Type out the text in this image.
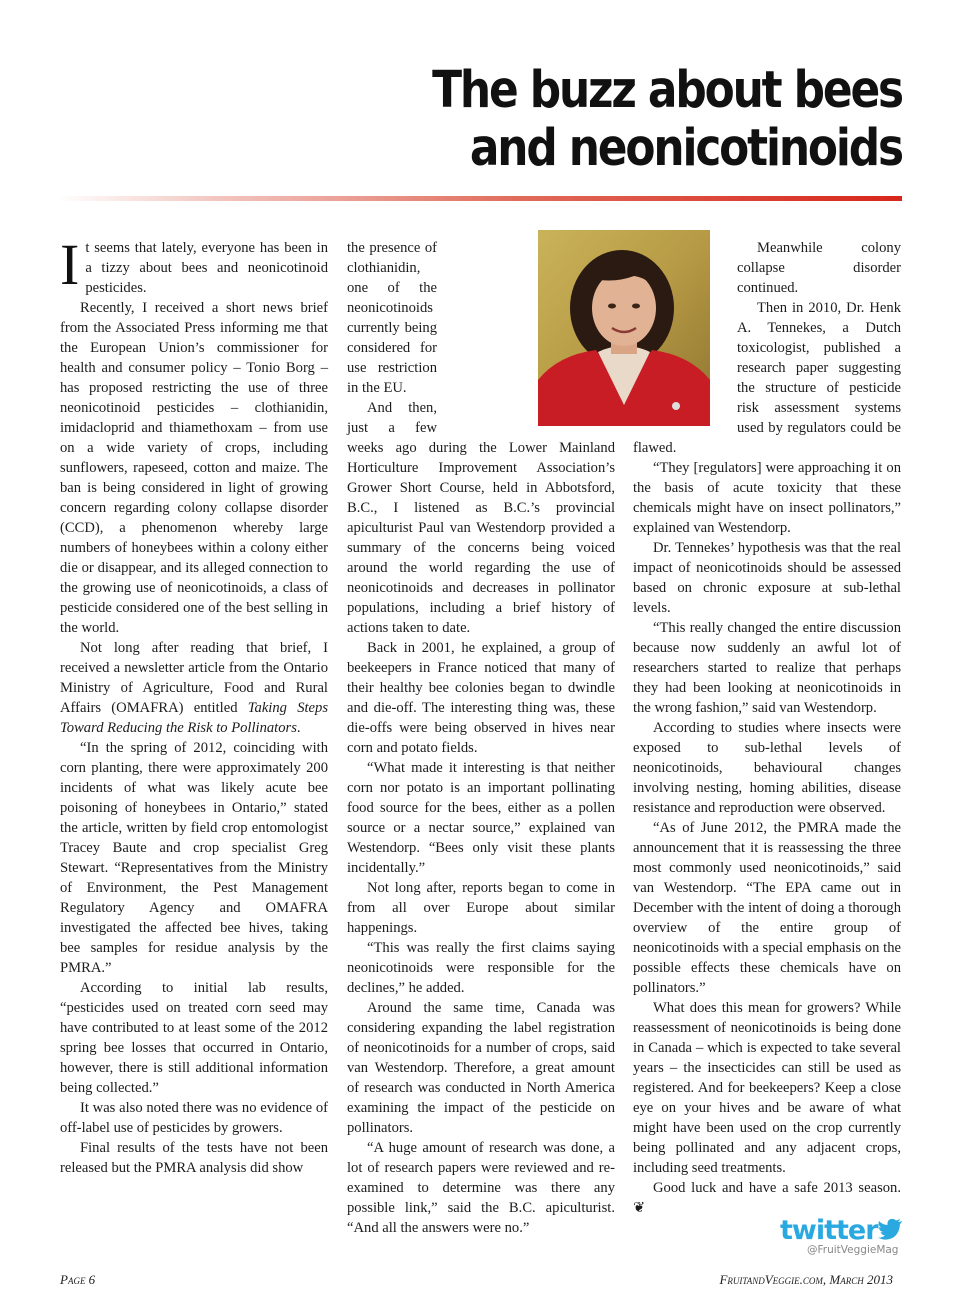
The buzz about bees
and neonicotinoids

It seems that lately, everyone has been in a tizzy about bees and neonicotinoid pesticides.

Recently, I received a short news brief from the Associated Press informing me that the European Union’s commissioner for health and consumer policy – Tonio Borg – has proposed restricting the use of three neonicotinoid pesticides – clothianidin, imidacloprid and thiamethoxam – from use on a wide variety of crops, including sunflowers, rapeseed, cotton and maize. The ban is being considered in light of growing concern regarding colony collapse disorder (CCD), a phenomenon whereby large numbers of honeybees within a colony either die or disappear, and its alleged connection to the growing use of neonicotinoids, a class of pesticide considered one of the best selling in the world.

Not long after reading that brief, I received a newsletter article from the Ontario Ministry of Agriculture, Food and Rural Affairs (OMAFRA) entitled Taking Steps Toward Reducing the Risk to Pollinators.

“In the spring of 2012, coinciding with corn planting, there were approximately 200 incidents of what was likely acute bee poisoning of honeybees in Ontario,” stated the article, written by field crop entomologist Tracey Baute and crop specialist Greg Stewart. “Representatives from the Ministry of Environment, the Pest Management Regulatory Agency and OMAFRA investigated the affected bee hives, taking bee samples for residue analysis by the PMRA.”

According to initial lab results, “pesticides used on treated corn seed may have contributed to at least some of the 2012 spring bee losses that occurred in Ontario, however, there is still additional information being collected.”

It was also noted there was no evidence of off-label use of pesticides by growers.

Final results of the tests have not been released but the PMRA analysis did show

the presence of clothianidin, one of the neonicotinoids currently being considered for use restriction in the EU.

And then, just a few weeks ago during the Lower Mainland Horticulture Improvement Association’s Grower Short Course, held in Abbotsford, B.C., I listened as B.C.’s provincial apiculturist Paul van Westendorp provided a summary of the concerns being voiced around the world regarding the use of neonicotinoids and decreases in pollinator populations, including a brief history of actions taken to date.

Back in 2001, he explained, a group of beekeepers in France noticed that many of their healthy bee colonies began to dwindle and die-off. The interesting thing was, these die-offs were being observed in hives near corn and potato fields.

“What made it interesting is that neither corn nor potato is an important pollinating food source for the bees, either as a pollen source or a nectar source,” explained van Westendorp. “Bees only visit these plants incidentally.”

Not long after, reports began to come in from all over Europe about similar happenings.

“This was really the first claims saying neonicotinoids were responsible for the declines,” he added.

Around the same time, Canada was considering expanding the label registration of neonicotinoids for a number of crops, said van Westendorp. Therefore, a great amount of research was conducted in North America examining the impact of the pesticide on pollinators.

“A huge amount of research was done, a lot of research papers were reviewed and re-examined to determine was there any possible link,” said the B.C. apiculturist. “And all the answers were no.”

Meanwhile colony collapse disorder continued.

Then in 2010, Dr. Henk A. Tennekes, a Dutch toxicologist, published a research paper suggesting the structure of pesticide risk assessment systems used by regulators could be flawed.

“They [regulators] were approaching it on the basis of acute toxicity that these chemicals might have on insect pollinators,” explained van Westendorp.

Dr. Tennekes’ hypothesis was that the real impact of neonicotinoids should be assessed based on chronic exposure at sub-lethal levels.

“This really changed the entire discussion because now suddenly an awful lot of researchers started to realize that perhaps they had been looking at neonicotinoids in the wrong fashion,” said van Westendorp.

According to studies where insects were exposed to sub-lethal levels of neonicotinoids, behavioural changes involving nesting, homing abilities, disease resistance and reproduction were observed.

“As of June 2012, the PMRA made the announcement that it is reassessing the three most commonly used neonicotinoids,” said van Westendorp. “The EPA came out in December with the intent of doing a thorough overview of the entire group of neonicotinoids with a special emphasis on the possible effects these chemicals have on pollinators.”

What does this mean for growers? While reassessment of neonicotinoids is being done in Canada – which is expected to take several years – the insecticides can still be used as registered. And for beekeepers? Keep a close eye on your hives and be aware of what might have been used on the crop currently being pollinated and any adjacent crops, including seed treatments.

Good luck and have a safe 2013 season. ❦

twitter
@FruitVeggieMag
Page 6	FruitandVeggie.com, March 2013
